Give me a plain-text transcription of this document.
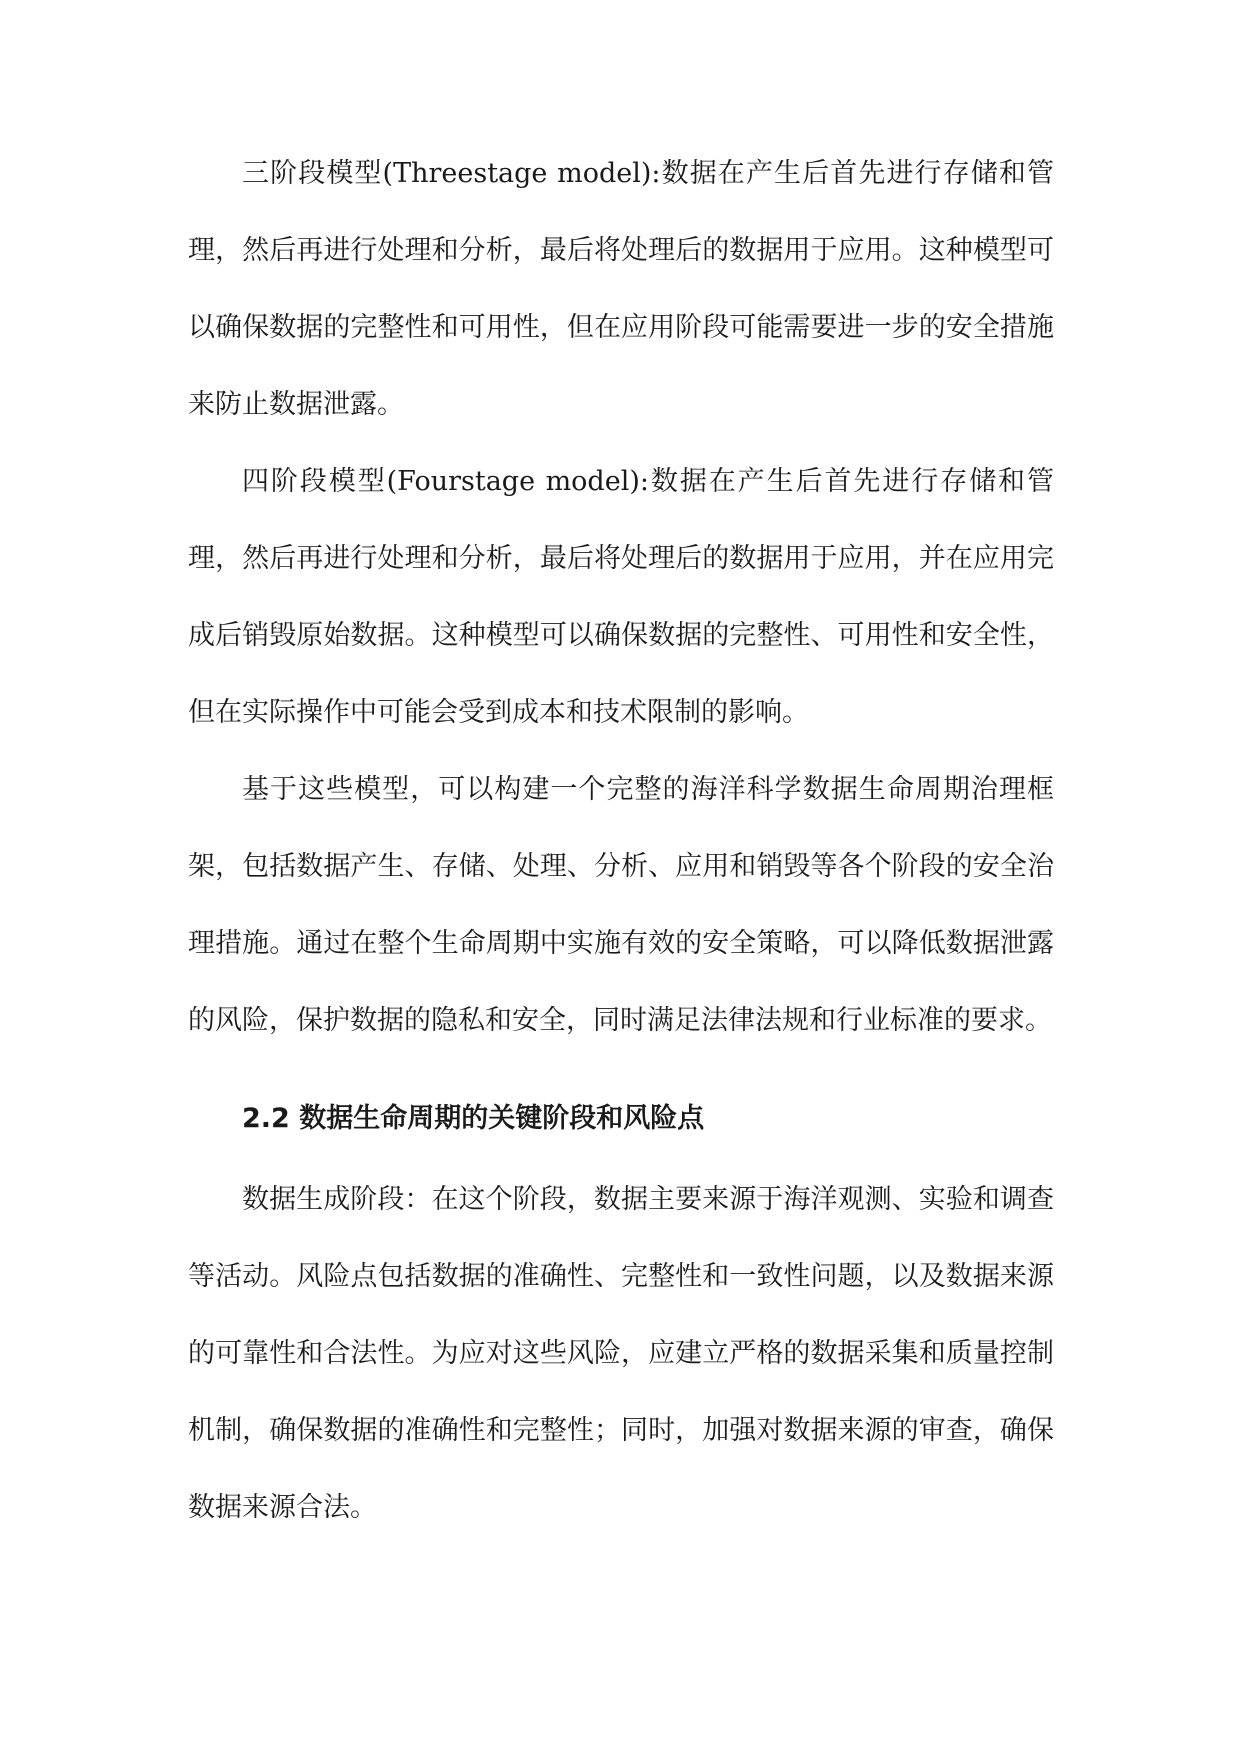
三阶段模型(Threestage model):数据在产生后首先进行存储和管理，然后再进行处理和分析，最后将处理后的数据用于应用。这种模型可以确保数据的完整性和可用性，但在应用阶段可能需要进一步的安全措施来防止数据泄露。

四阶段模型(Fourstage model):数据在产生后首先进行存储和管理，然后再进行处理和分析，最后将处理后的数据用于应用，并在应用完成后销毁原始数据。这种模型可以确保数据的完整性、可用性和安全性，但在实际操作中可能会受到成本和技术限制的影响。

基于这些模型，可以构建一个完整的海洋科学数据生命周期治理框架，包括数据产生、存储、处理、分析、应用和销毁等各个阶段的安全治理措施。通过在整个生命周期中实施有效的安全策略，可以降低数据泄露的风险，保护数据的隐私和安全，同时满足法律法规和行业标准的要求。

2.2 数据生命周期的关键阶段和风险点

数据生成阶段：在这个阶段，数据主要来源于海洋观测、实验和调查等活动。风险点包括数据的准确性、完整性和一致性问题，以及数据来源的可靠性和合法性。为应对这些风险，应建立严格的数据采集和质量控制机制，确保数据的准确性和完整性；同时，加强对数据来源的审查，确保数据来源合法。
